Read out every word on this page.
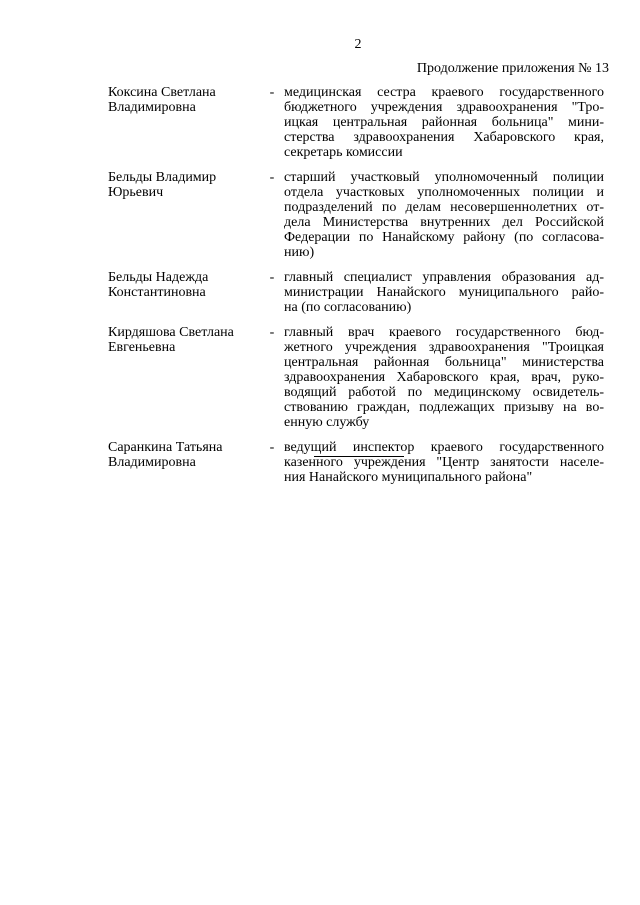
2
Продолжение приложения № 13
Коксина Светлана
Владимировна
- медицинская сестра краевого государственного
бюджетного учреждения здравоохранения "Тро-
ицкая центральная районная больница" мини-
стерства здравоохранения Хабаровского края,
секретарь комиссии
Бельды Владимир
Юрьевич
- старший участковый уполномоченный полиции
отдела участковых уполномоченных полиции и
подразделений по делам несовершеннолетних от-
дела Министерства внутренних дел Российской
Федерации по Нанайскому району (по согласова-
нию)
Бельды Надежда
Константиновна
- главный специалист управления образования ад-
министрации Нанайского муниципального райо-
на (по согласованию)
Кирдяшова Светлана
Евгеньевна
- главный врач краевого государственного бюд-
жетного учреждения здравоохранения "Троицкая
центральная районная больница" министерства
здравоохранения Хабаровского края, врач, руко-
водящий работой по медицинскому освидетель-
ствованию граждан, подлежащих призыву на во-
енную службу
Саранкина Татьяна
Владимировна
- ведущий инспектор краевого государственного
казенного учреждения "Центр занятости населе-
ния Нанайского муниципального района"
